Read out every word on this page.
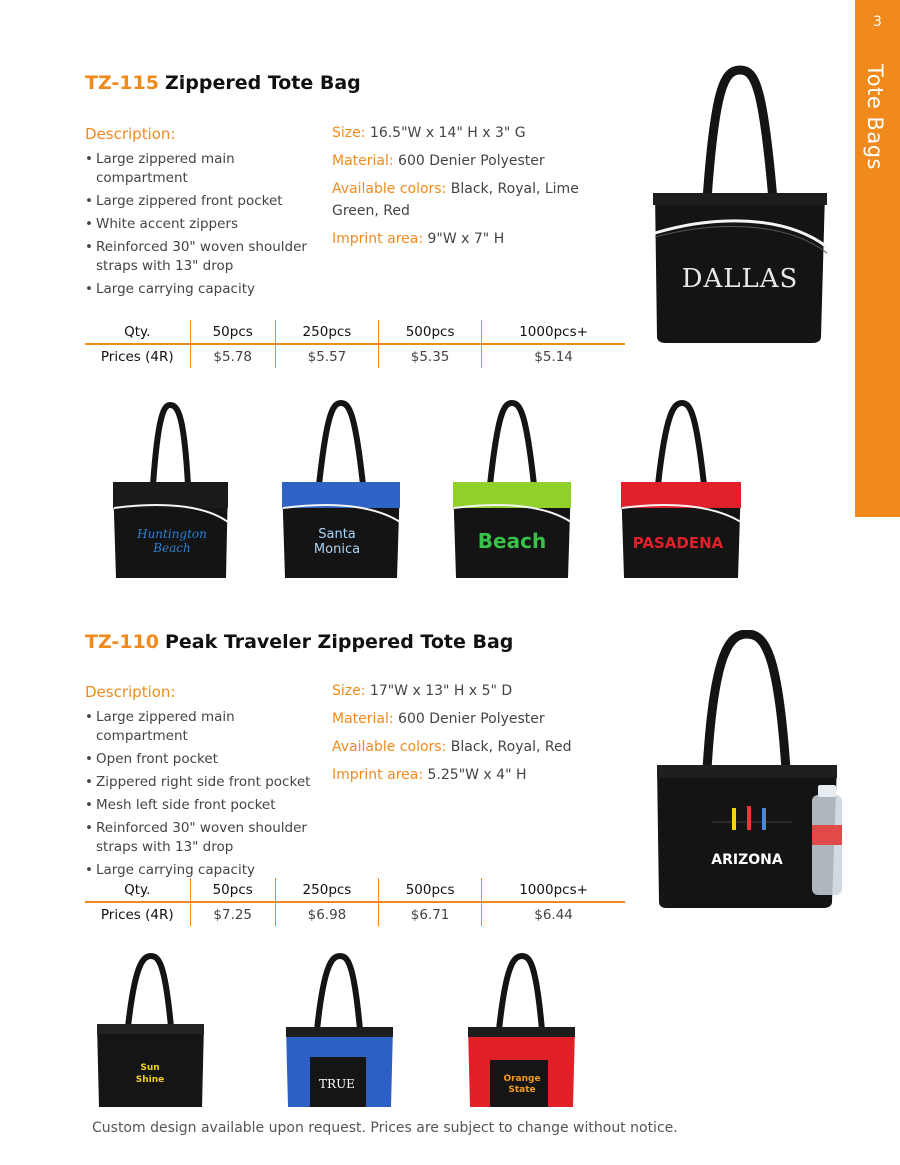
3
Tote Bags
TZ-115 Zippered Tote Bag
Description:
• Large zippered main compartment
• Large zippered front pocket
• White accent zippers
• Reinforced 30" woven shoulder straps with 13" drop
• Large carrying capacity
Size: 16.5"W x 14" H x 3" G
Material: 600 Denier Polyester
Available colors: Black, Royal, Lime Green, Red
Imprint area: 9"W x 7" H
Qty.	50pcs	250pcs	500pcs	1000pcs+
Prices (4R)	$5.78	$5.57	$5.35	$5.14
DALLAS
Huntington
Beach
Santa
Monica	Beach	PASADENA
TZ-110 Peak Traveler Zippered Tote Bag
Description:
• Large zippered main compartment
• Open front pocket
• Zippered right side front pocket
• Mesh left side front pocket
• Reinforced 30" woven shoulder straps with 13" drop
• Large carrying capacity
Size: 17"W x 13" H x 5" D
Material: 600 Denier Polyester
Available colors: Black, Royal, Red
Imprint area: 5.25"W x 4" H
Qty.	50pcs	250pcs	500pcs	1000pcs+
Prices (4R)	$7.25	$6.98	$6.71	$6.44
ARIZONA
Sun
Shine	TRUE	Orange
State
Custom design available upon request. Prices are subject to change without notice.
